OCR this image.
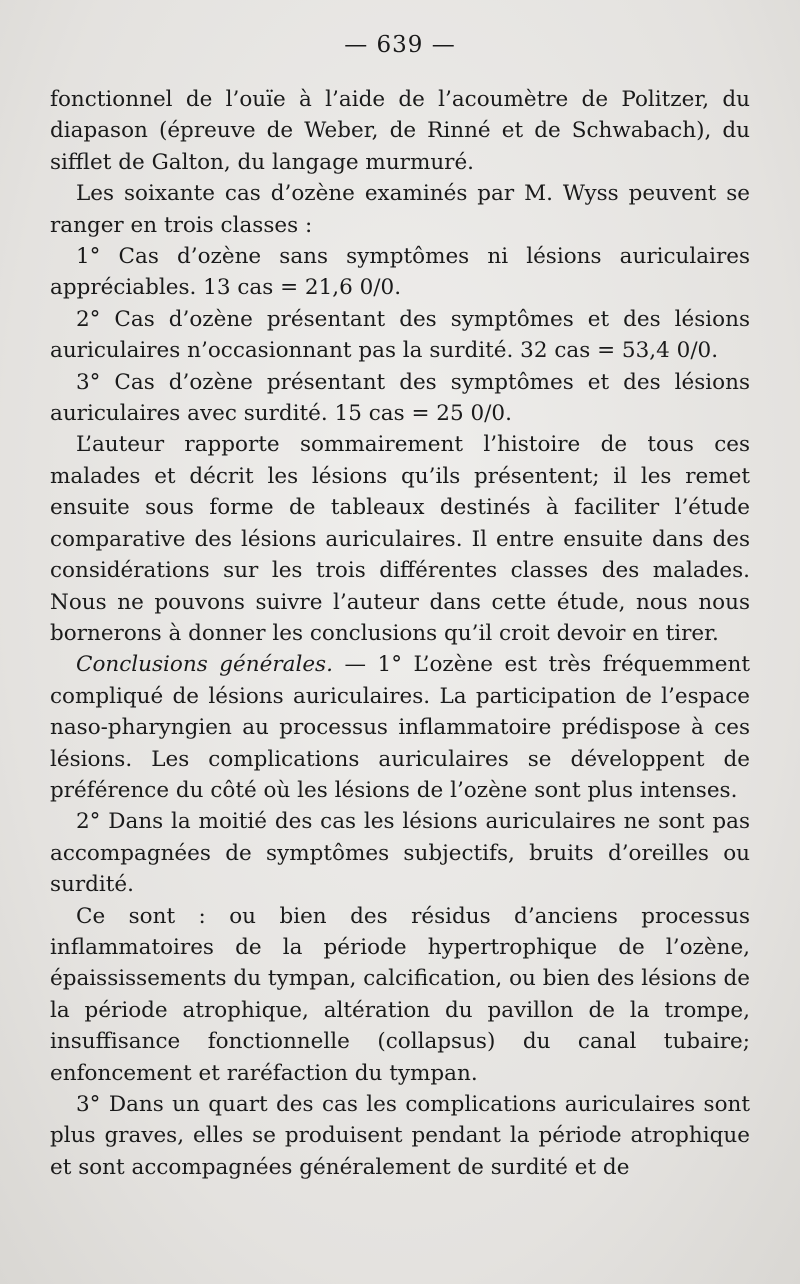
— 639 —

fonctionnel de l’ouïe à l’aide de l’acoumètre de Politzer, du diapason (épreuve de Weber, de Rinné et de Schwabach), du sifflet de Galton, du langage murmuré.

Les soixante cas d’ozène examinés par M. Wyss peuvent se ranger en trois classes :

1° Cas d’ozène sans symptômes ni lésions auriculaires appréciables. 13 cas = 21,6 0/0.

2° Cas d’ozène présentant des symptômes et des lésions auriculaires n’occasionnant pas la surdité. 32 cas = 53,4 0/0.

3° Cas d’ozène présentant des symptômes et des lésions auriculaires avec surdité. 15 cas = 25 0/0.

L’auteur rapporte sommairement l’histoire de tous ces malades et décrit les lésions qu’ils présentent; il les remet ensuite sous forme de tableaux destinés à faciliter l’étude comparative des lésions auriculaires. Il entre ensuite dans des considérations sur les trois différentes classes des malades. Nous ne pouvons suivre l’auteur dans cette étude, nous nous bornerons à donner les conclusions qu’il croit devoir en tirer.

Conclusions générales. — 1° L’ozène est très fréquemment compliqué de lésions auriculaires. La participation de l’espace naso-pharyngien au processus inflammatoire prédispose à ces lésions. Les complications auriculaires se développent de préférence du côté où les lésions de l’ozène sont plus intenses.

2° Dans la moitié des cas les lésions auriculaires ne sont pas accompagnées de symptômes subjectifs, bruits d’oreilles ou surdité.

Ce sont : ou bien des résidus d’anciens processus inflammatoires de la période hypertrophique de l’ozène, épaississements du tympan, calcification, ou bien des lésions de la période atrophique, altération du pavillon de la trompe, insuffisance fonctionnelle (collapsus) du canal tubaire; enfoncement et raréfaction du tympan.

3° Dans un quart des cas les complications auriculaires sont plus graves, elles se produisent pendant la période atrophique et sont accompagnées généralement de surdité et de
